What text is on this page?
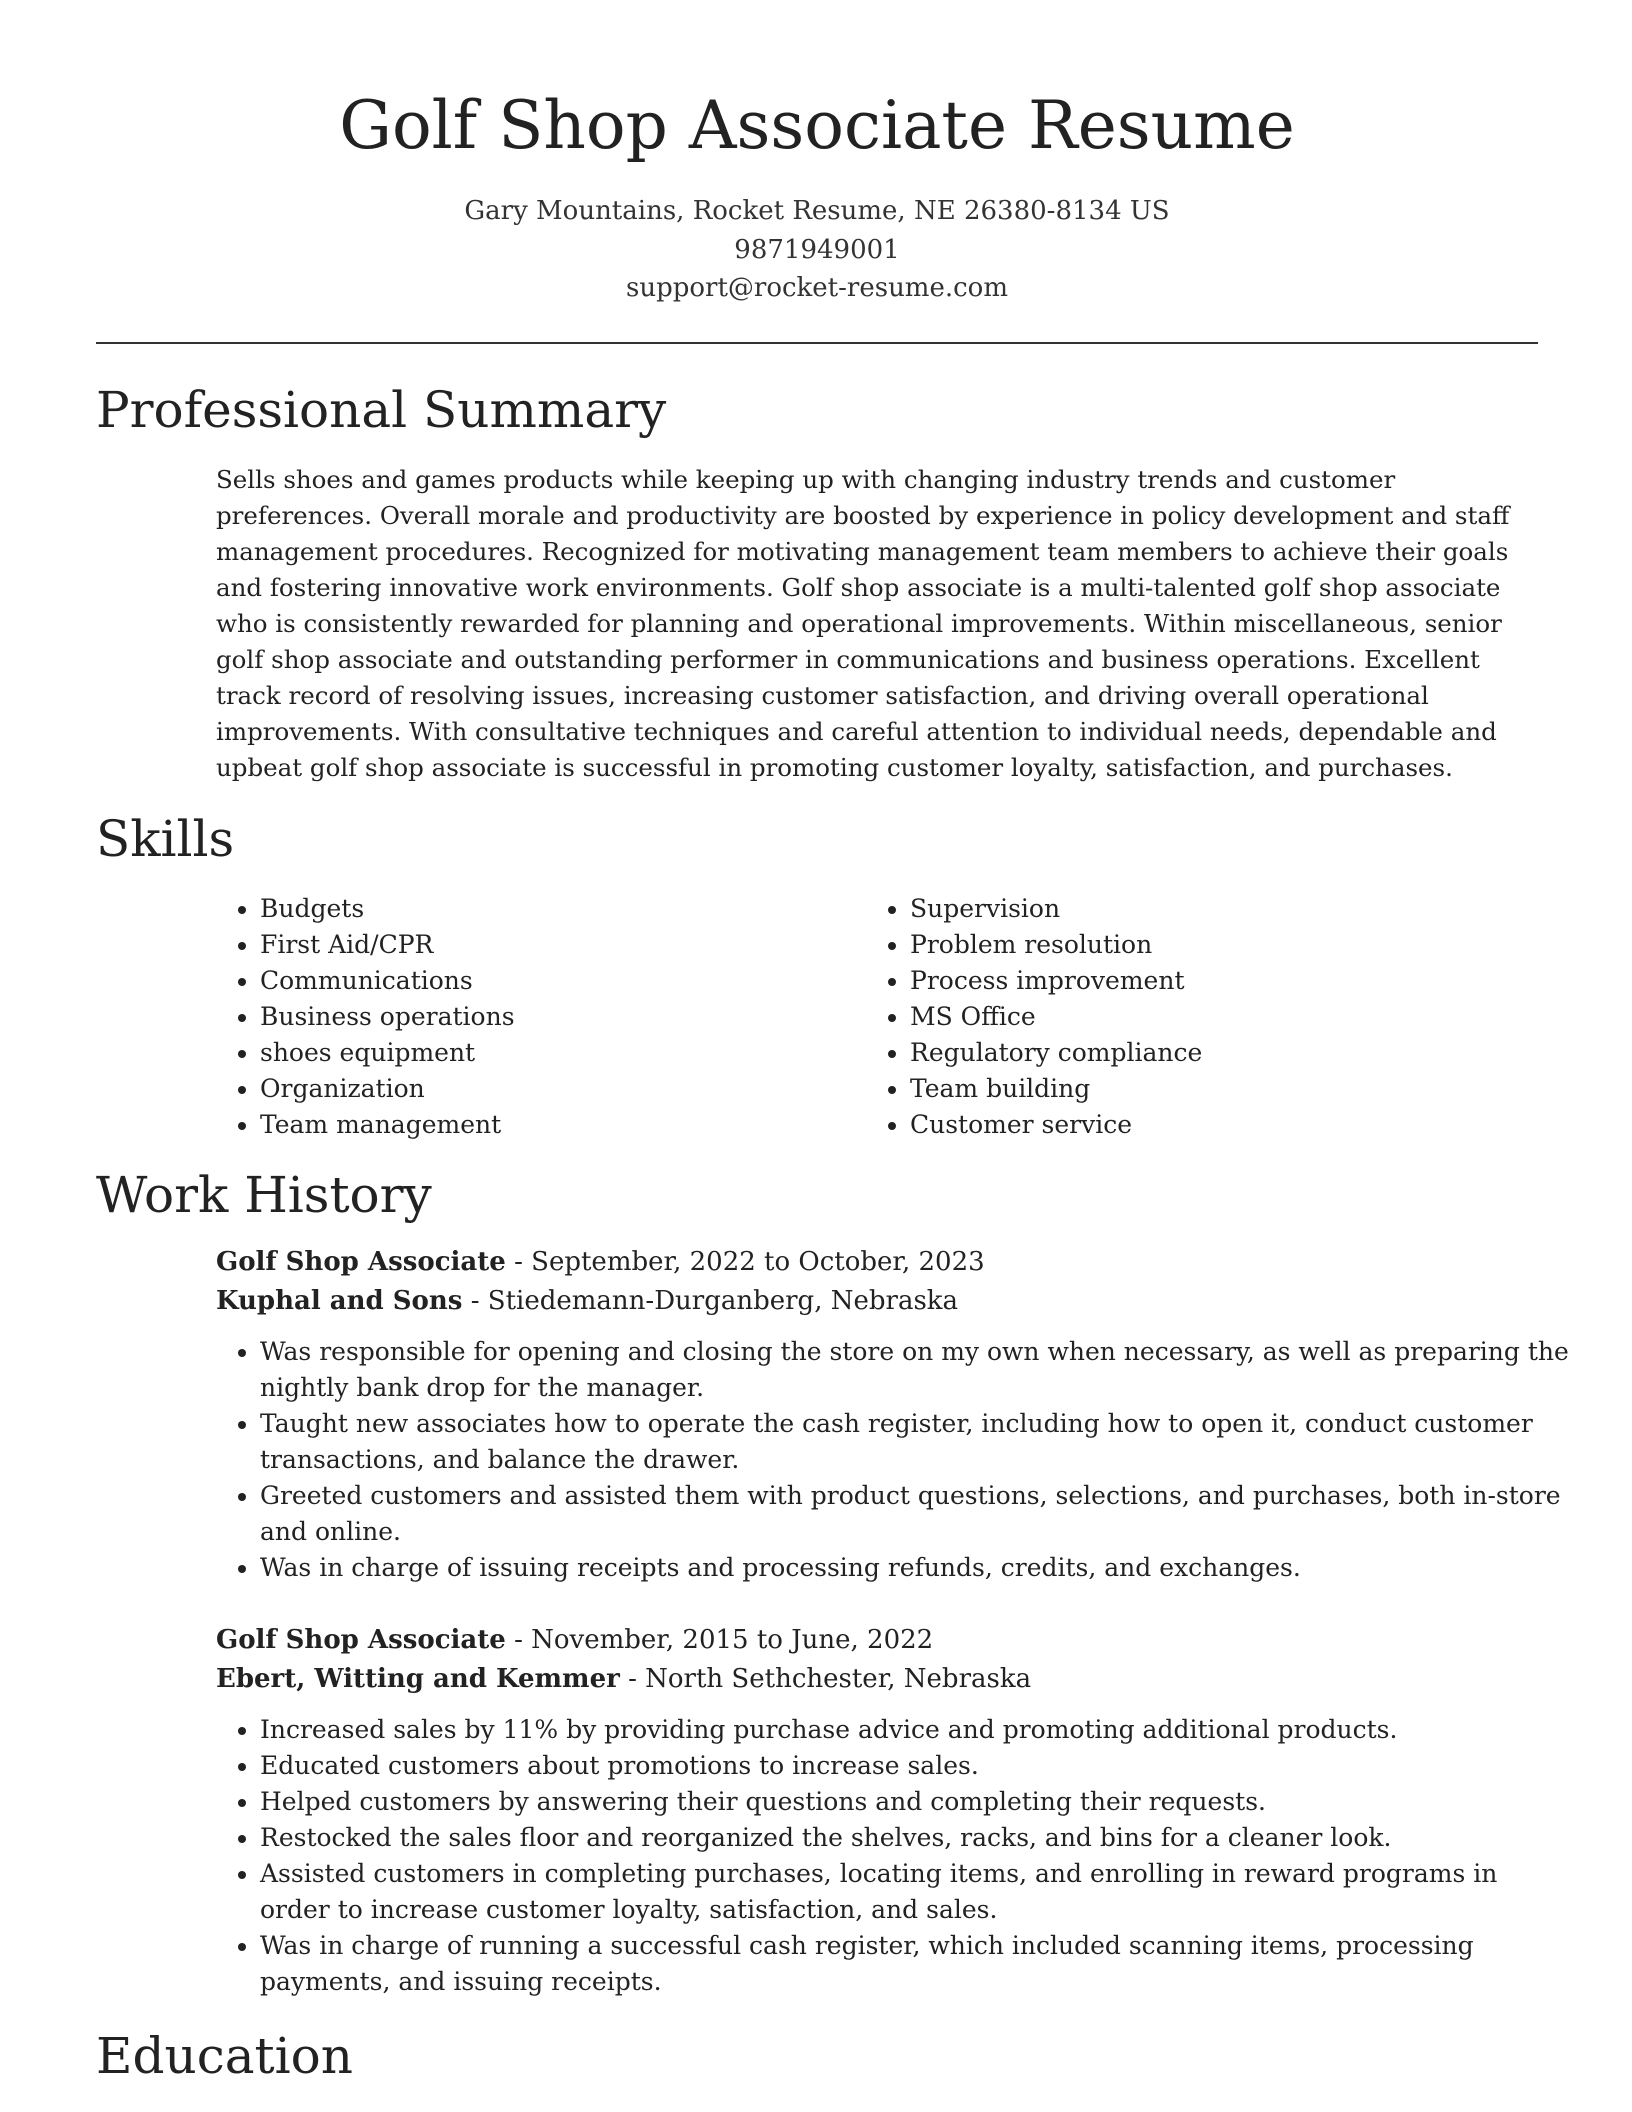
Golf Shop Associate Resume
Gary Mountains, Rocket Resume, NE 26380-8134 US
9871949001
support@rocket-resume.com
Professional Summary

Sells shoes and games products while keeping up with changing industry trends and customer preferences. Overall morale and productivity are boosted by experience in policy development and staff management procedures. Recognized for motivating management team members to achieve their goals and fostering innovative work environments. Golf shop associate is a multi-talented golf shop associate who is consistently rewarded for planning and operational improvements. Within miscellaneous, senior golf shop associate and outstanding performer in communications and business operations. Excellent track record of resolving issues, increasing customer satisfaction, and driving overall operational improvements. With consultative techniques and careful attention to individual needs, dependable and upbeat golf shop associate is successful in promoting customer loyalty, satisfaction, and purchases.

Skills
• Budgets
• First Aid/CPR
• Communications
• Business operations
• shoes equipment
• Organization
• Team management
• Supervision
• Problem resolution
• Process improvement
• MS Office
• Regulatory compliance
• Team building
• Customer service
Work History
Golf Shop Associate - September, 2022 to October, 2023
Kuphal and Sons - Stiedemann-Durganberg, Nebraska
• Was responsible for opening and closing the store on my own when necessary, as well as preparing the nightly bank drop for the manager.
• Taught new associates how to operate the cash register, including how to open it, conduct customer transactions, and balance the drawer.
• Greeted customers and assisted them with product questions, selections, and purchases, both in-store and online.
• Was in charge of issuing receipts and processing refunds, credits, and exchanges.
Golf Shop Associate - November, 2015 to June, 2022
Ebert, Witting and Kemmer - North Sethchester, Nebraska
• Increased sales by 11% by providing purchase advice and promoting additional products.
• Educated customers about promotions to increase sales.
• Helped customers by answering their questions and completing their requests.
• Restocked the sales floor and reorganized the shelves, racks, and bins for a cleaner look.
• Assisted customers in completing purchases, locating items, and enrolling in reward programs in order to increase customer loyalty, satisfaction, and sales.
• Was in charge of running a successful cash register, which included scanning items, processing payments, and issuing receipts.
Education
